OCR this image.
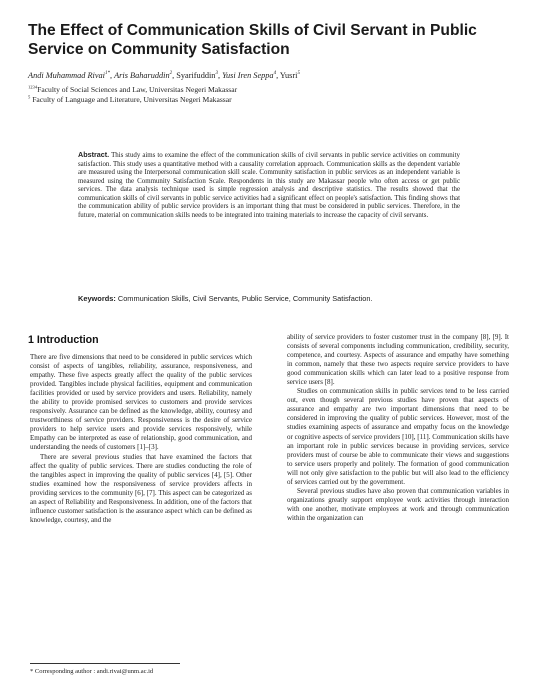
The Effect of Communication Skills of Civil Servant in Public Service on Community Satisfaction
Andi Muhammad Rivai$^{1*}$, Aris Baharuddin$^2$, Syarifuddin$^3$, Yusi Iren Seppa$^4$, Yusri$^5$
$^{1234}$Faculty of Social Sciences and Law, Universitas Negeri Makassar
$^5$ Faculty of Language and Literature, Universitas Negeri Makassar

Abstract. This study aims to examine the effect of the communication skills of civil servants in public service activities on community satisfaction. This study uses a quantitative method with a causality correlation approach. Communication skills as the dependent variable are measured using the Interpersonal communication skill scale. Community satisfaction in public services as an independent variable is measured using the Community Satisfaction Scale. Respondents in this study are Makassar people who often access or get public services. The data analysis technique used is simple regression analysis and descriptive statistics. The results showed that the communication skills of civil servants in public service activities had a significant effect on people's satisfaction. This finding shows that the communication ability of public service providers is an important thing that must be considered in public services. Therefore, in the future, material on communication skills needs to be integrated into training materials to increase the capacity of civil servants.

Keywords: Communication Skills, Civil Servants, Public Service, Community Satisfaction.
1 Introduction

There are five dimensions that need to be considered in public services which consist of aspects of tangibles, reliability, assurance, responsiveness, and empathy. These five aspects greatly affect the quality of the public services provided. Tangibles include physical facilities, equipment and communication facilities provided or used by service providers and users. Reliability, namely the ability to provide promised services to customers and provide services responsively. Assurance can be defined as the knowledge, ability, courtesy and trustworthiness of service providers. Responsiveness is the desire of service providers to help service users and provide services responsively, while Empathy can be interpreted as ease of relationship, good communication, and understanding the needs of customers [1]–[3].

There are several previous studies that have examined the factors that affect the quality of public services. There are studies conducting the role of the tangibles aspect in improving the quality of public services [4], [5]. Other studies examined how the responsiveness of service providers affects in providing services to the community [6], [7]. This aspect can be categorized as an aspect of Reliability and Responsiveness. In addition, one of the factors that influence customer satisfaction is the assurance aspect which can be defined as knowledge, courtesy, and the

ability of service providers to foster customer trust in the company [8], [9]. It consists of several components including communication, credibility, security, competence, and courtesy. Aspects of assurance and empathy have something in common, namely that these two aspects require service providers to have good communication skills which can later lead to a positive response from service users [8].

Studies on communication skills in public services tend to be less carried out, even though several previous studies have proven that aspects of assurance and empathy are two important dimensions that need to be considered in improving the quality of public services. However, most of the studies examining aspects of assurance and empathy focus on the knowledge or cognitive aspects of service providers [10], [11]. Communication skills have an important role in public services because in providing services, service providers must of course be able to communicate their views and suggestions to service users properly and politely. The formation of good communication will not only give satisfaction to the public but will also lead to the efficiency of services carried out by the government.

Several previous studies have also proven that communication variables in organizations greatly support employee work activities through interaction with one another, motivate employees at work and through communication within the organization can

* Corresponding author : andi.rivai@unm.ac.id
